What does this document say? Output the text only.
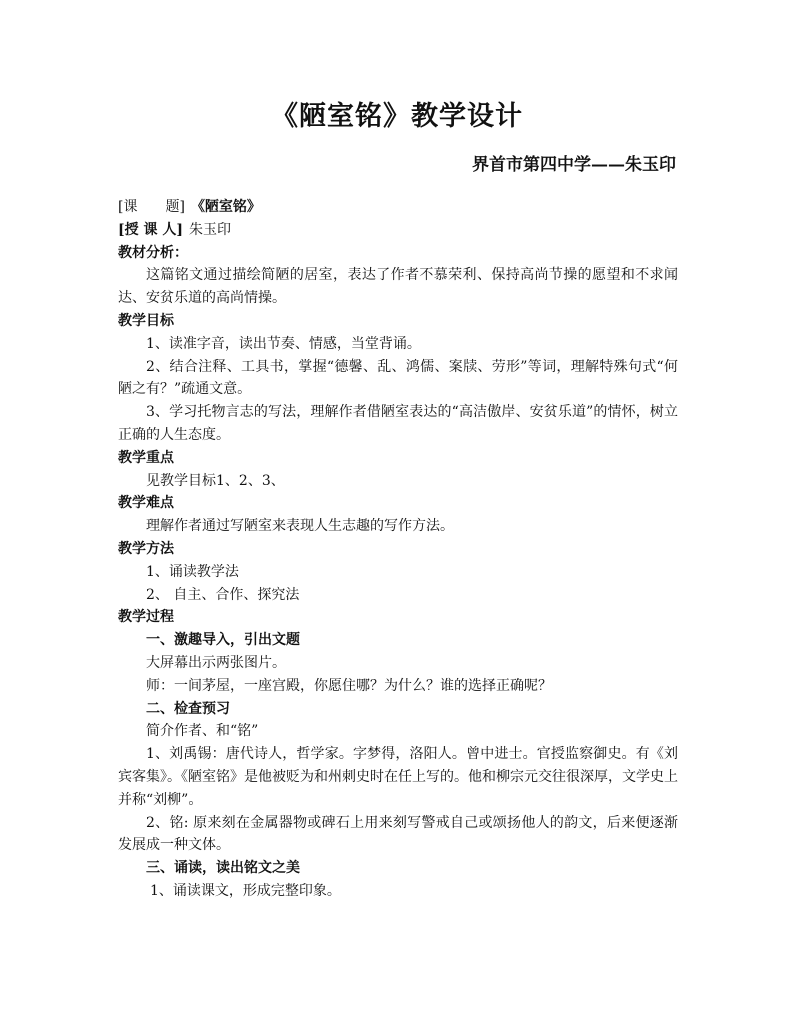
《陋室铭》教学设计
界首市第四中学——朱玉印
[课　　题] 《陋室铭》
[授 课 人] 朱玉印
教材分析：
这篇铭文通过描绘简陋的居室，表达了作者不慕荣利、保持高尚节操的愿望和不求闻达、安贫乐道的高尚情操。
教学目标
1、读准字音，读出节奏、情感，当堂背诵。
2、结合注释、工具书，掌握“德馨、乱、鸿儒、案牍、劳形”等词，理解特殊句式“何陋之有？”疏通文意。
3、学习托物言志的写法，理解作者借陋室表达的“高洁傲岸、安贫乐道”的情怀，树立正确的人生态度。
教学重点
见教学目标1、2、3、
教学难点
理解作者通过写陋室来表现人生志趣的写作方法。
教学方法
1、诵读教学法
2、 自主、合作、探究法
教学过程
一、激趣导入，引出文题
大屏幕出示两张图片。
师：一间茅屋，一座宫殿，你愿住哪？为什么？谁的选择正确呢？
二、检查预习
简介作者、和“铭”
1、刘禹锡：唐代诗人，哲学家。字梦得，洛阳人。曾中进士。官授监察御史。有《刘宾客集》。《陋室铭》是他被贬为和州刺史时在任上写的。他和柳宗元交往很深厚，文学史上并称“刘柳”。
2、铭: 原来刻在金属器物或碑石上用来刻写警戒自己或颂扬他人的韵文，后来便逐渐发展成一种文体。
三、诵读，读出铭文之美
1、诵读课文，形成完整印象。
